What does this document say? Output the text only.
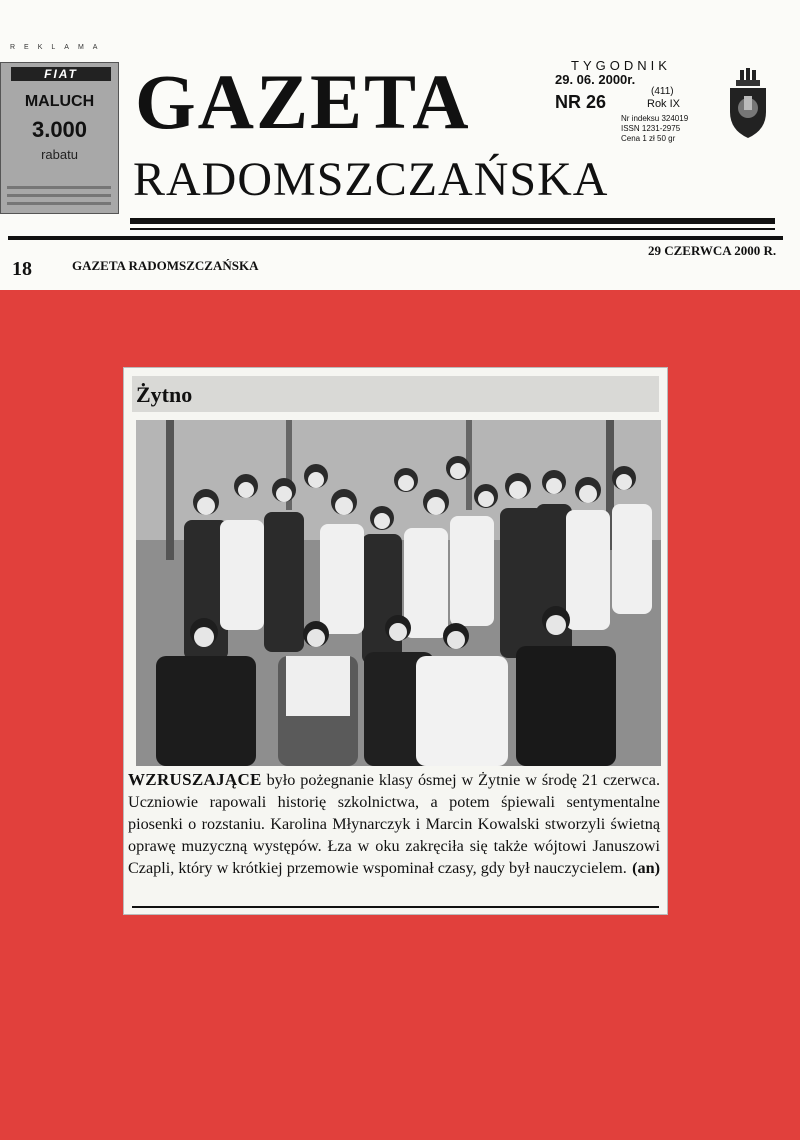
REKLAMA
FIAT
MALUCH
3.000
rabatu
GAZETA
RADOMSZCZAŃSKA
TYGODNIK
29. 06. 2000r.
(411)
NR 26	Rok IX
Nr indeksu 324019
ISSN 1231-2975
Cena 1 zł 50 gr
18	GAZETA RADOMSZCZAŃSKA
29 CZERWCA 2000 R.
Żytno
WZRUSZAJĄCE było pożegnanie klasy ósmej w Żytnie w środę 21 czerwca. Uczniowie rapowali historię szkolnictwa, a potem śpiewali sentymentalne piosenki o rozstaniu. Karolina Młynarczyk i Marcin Kowalski stworzyli świetną oprawę muzyczną występów. Łza w oku zakręciła się także wójtowi Januszowi Czapli, który w krótkiej przemowie wspominał czasy, gdy był nauczycielem. (an)
